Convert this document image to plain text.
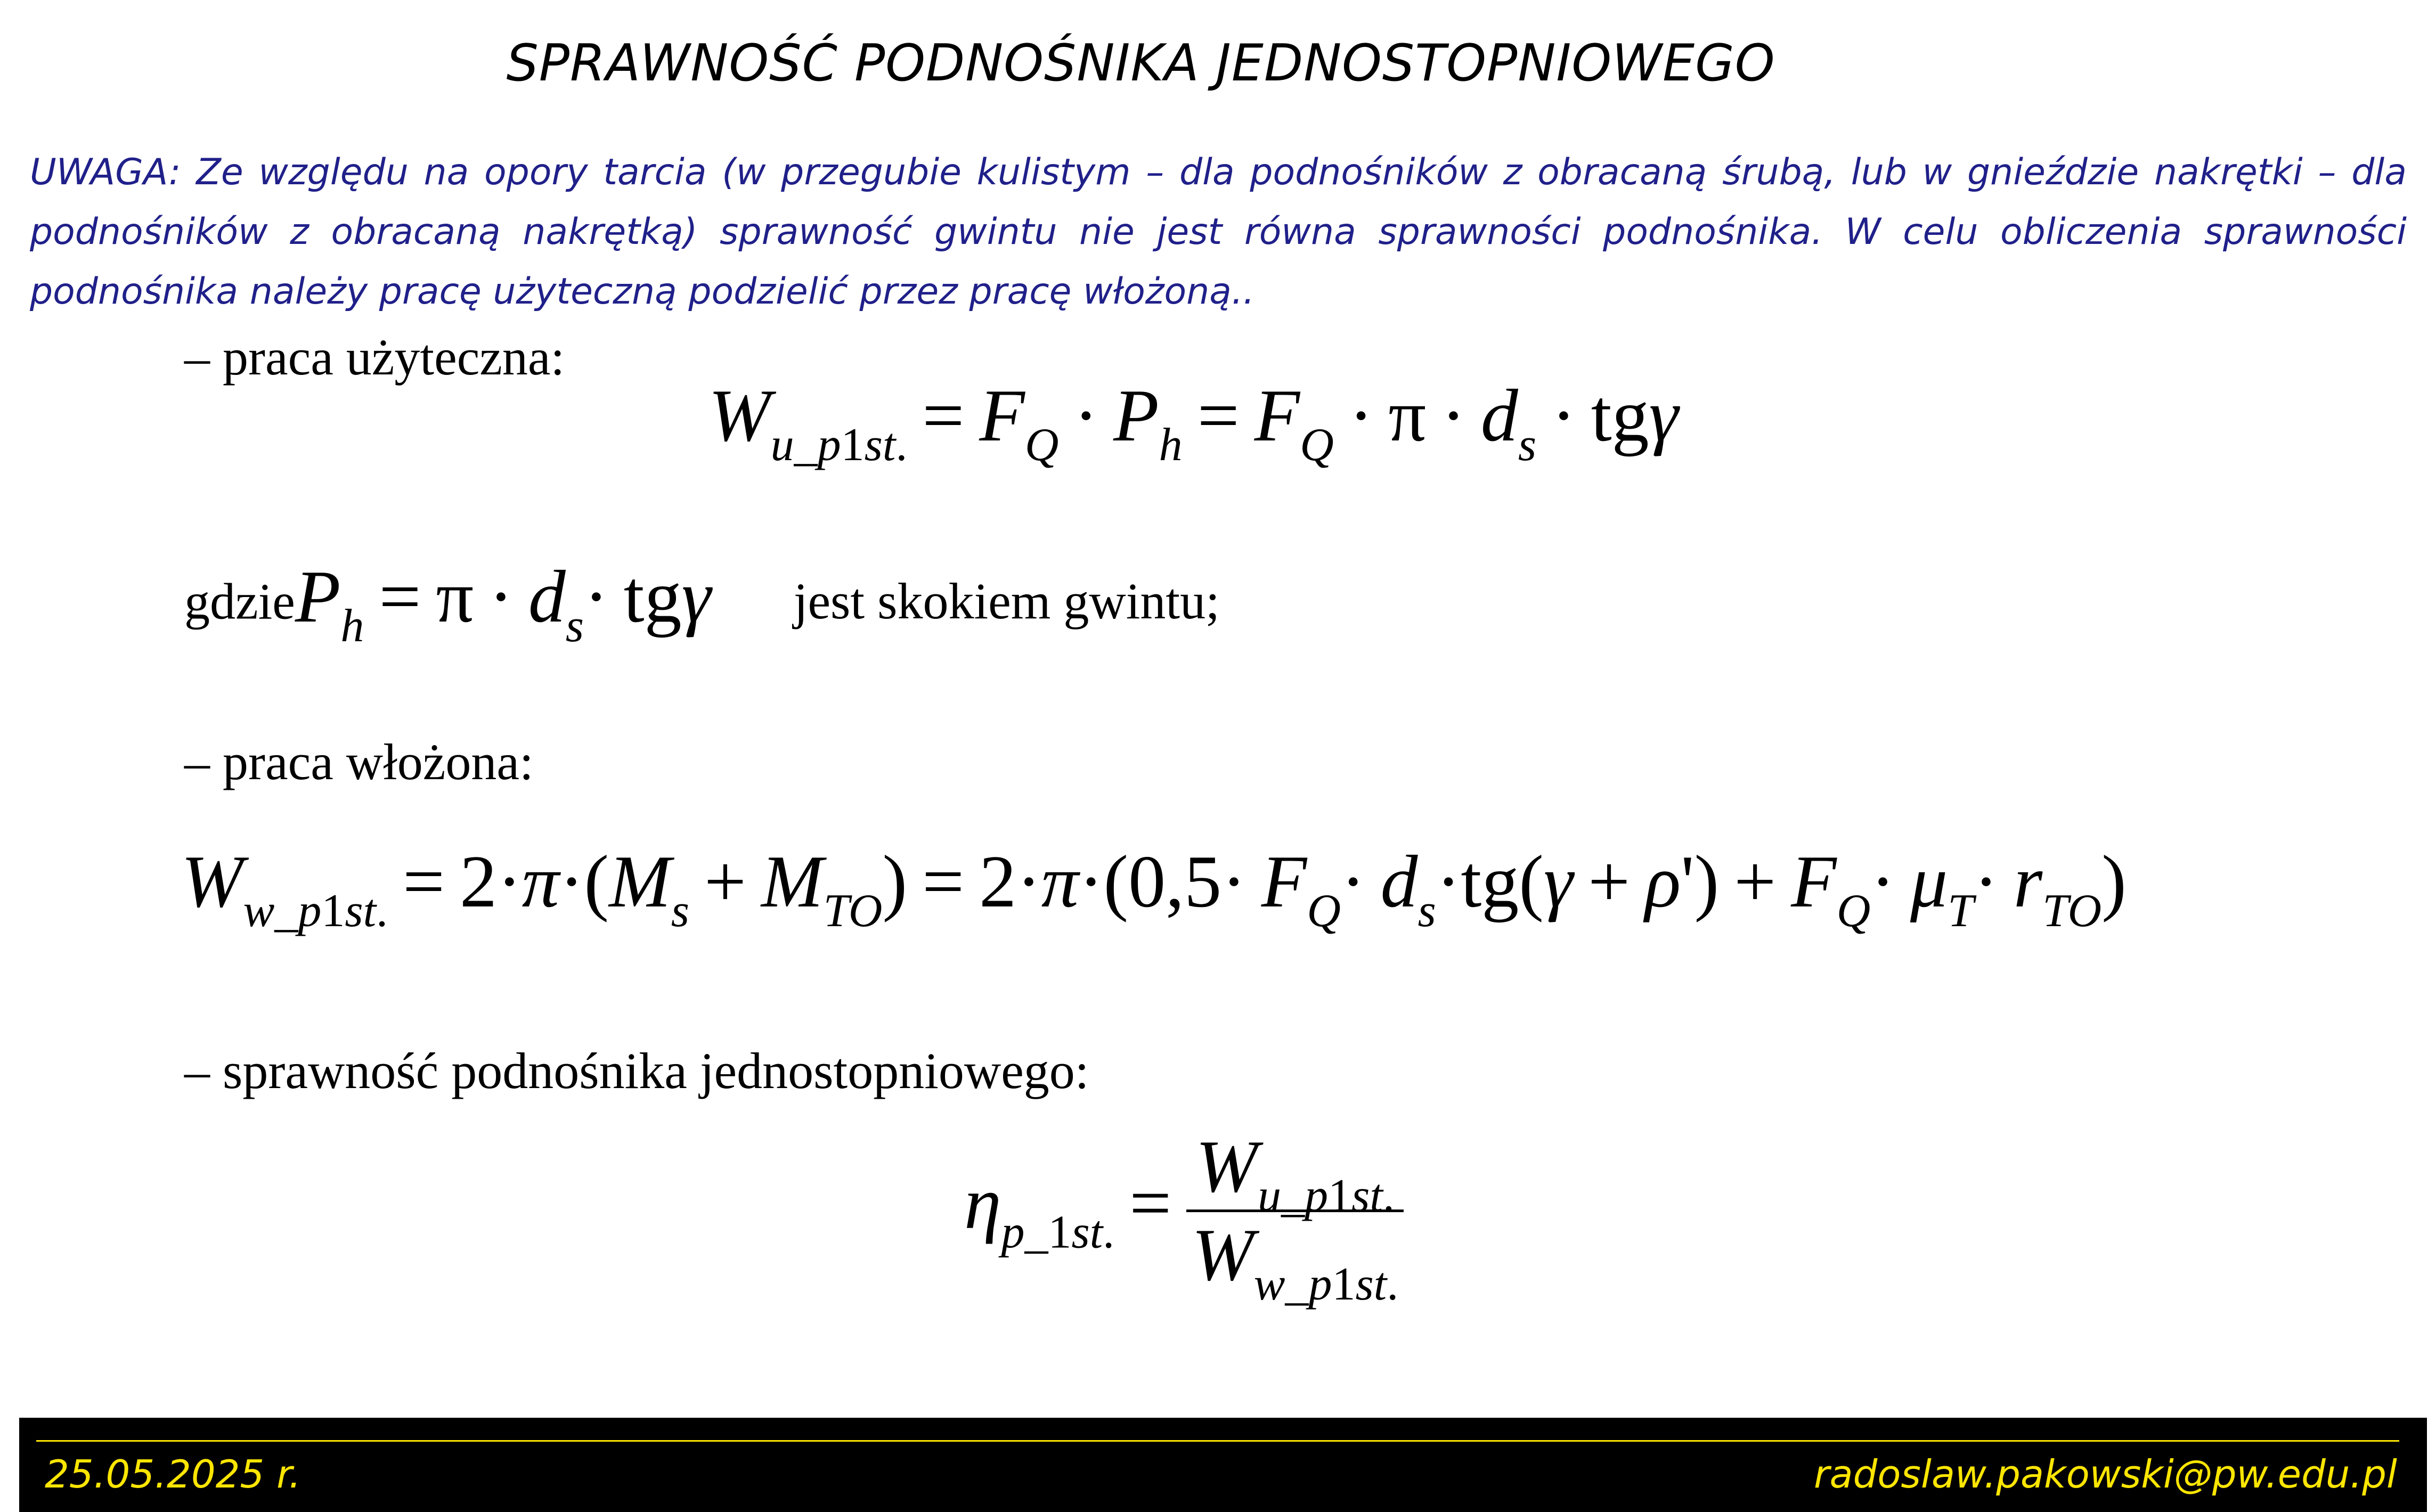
SPRAWNOŚĆ PODNOŚNIKA JEDNOSTOPNIOWEGO
UWAGA: Ze względu na opory tarcia (w przegubie kulistym – dla podnośników z obracaną śrubą, lub w gnieździe nakrętki – dla podnośników z obracaną nakrętką) sprawność gwintu nie jest równa sprawności podnośnika. W celu obliczenia sprawności podnośnika należy pracę użyteczną podzielić przez pracę włożoną..
– praca użyteczna:
$W_{u\_p1st.} = F_Q \cdot P_h = F_Q \cdot \pi \cdot d_s \cdot tg\gamma$
gdzieP$_h$ = $\pi \cdot d_s\cdot tg\gamma$ jest skokiem gwintu;
– praca włożona:
$W_{w\_p1st.} = 2\cdot\pi\cdot(M_s + M_{TO}) = 2\cdot\pi\cdot(0,5\cdot F_Q\cdot d_s\cdot tg(\gamma + \rho') + F_Q\cdot \mu_T\cdot r_{TO})$
– sprawność podnośnika jednostopniowego:
$\eta_{p\_1st.} = \frac{W_{u\_p1st.}}{W_{w\_p1st.}}$
25.05.2025 r.	radoslaw.pakowski@pw.edu.pl
